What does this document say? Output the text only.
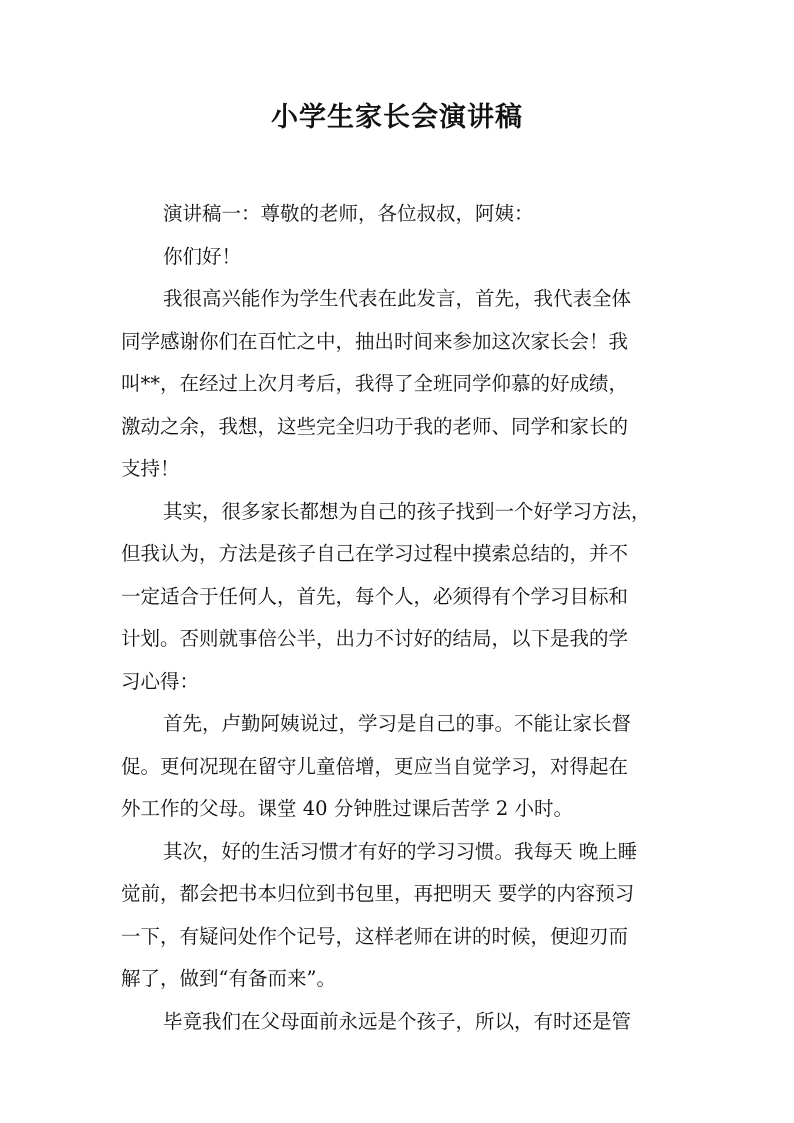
小学生家长会演讲稿
演讲稿一：尊敬的老师，各位叔叔，阿姨：
你们好！
我很高兴能作为学生代表在此发言，首先，我代表全体
同学感谢你们在百忙之中，抽出时间来参加这次家长会！我
叫**，在经过上次月考后，我得了全班同学仰慕的好成绩，
激动之余，我想，这些完全归功于我的老师、同学和家长的
支持！
其实，很多家长都想为自己的孩子找到一个好学习方法，
但我认为，方法是孩子自己在学习过程中摸索总结的，并不
一定适合于任何人，首先，每个人，必须得有个学习目标和
计划。否则就事倍公半，出力不讨好的结局，以下是我的学
习心得：
首先，卢勤阿姨说过，学习是自己的事。不能让家长督
促。更何况现在留守儿童倍增，更应当自觉学习，对得起在
外工作的父母。课堂 40 分钟胜过课后苦学 2 小时。
其次，好的生活习惯才有好的学习习惯。我每天 晚上睡
觉前，都会把书本归位到书包里，再把明天 要学的内容预习
一下，有疑问处作个记号，这样老师在讲的时候，便迎刃而
解了，做到“有备而来”。
毕竟我们在父母面前永远是个孩子，所以，有时还是管
